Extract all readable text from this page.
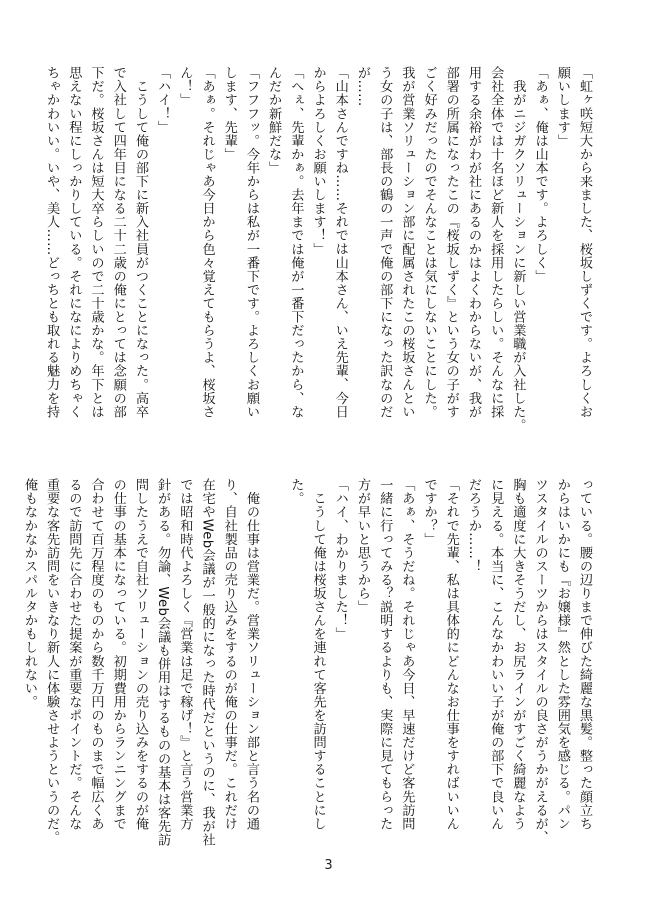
「虹ヶ咲短大から来ました、桜坂しずくです。よろしくお
願いします」
「あぁ、俺は山本です。よろしく」
　我がニジガクソリューションに新しい営業職が入社した。
会社全体では十名ほど新人を採用したらしい。そんなに採
用する余裕がわが社にあるのかはよくわからないが、我が
部署の所属になったこの『桜坂しずく』という女の子がす
ごく好みだったのでそんなことは気にしないことにした。
我が営業ソリューション部に配属されたこの桜坂さんとい
う女の子は、部長の鶴の一声で俺の部下になった訳なのだ
が……
「山本さんですね……それでは山本さん、いえ先輩、今日
からよろしくお願いします！」
「へぇ、先輩かぁ。去年までは俺が一番下だったから、な
んだか新鮮だな」
「フフフッ。今年からは私が一番下です。よろしくお願い
します、先輩」
「あぁ。それじゃあ今日から色々覚えてもらうよ、桜坂さ
ん！」
「ハイ！」
　こうして俺の部下に新入社員がつくことになった。高卒
で入社して四年目になる二十二歳の俺にとっては念願の部
下だ。桜坂さんは短大卒らしいので二十歳かな。年下とは
思えない程にしっかりしている。それになによりめちゃく
ちゃかわいい。いや、美人……どっちとも取れる魅力を持
っている。腰の辺りまで伸びた綺麗な黒髪。整った顔立ち
からはいかにも『お嬢様』然とした雰囲気を感じる。パン
ツスタイルのスーツからはスタイルの良さがうかがえるが、
胸も適度に大きそうだし、お尻ラインがすごく綺麗なよう
に見える。本当に、こんなかわいい子が俺の部下で良いん
だろうか……！
「それで先輩、私は具体的にどんなお仕事をすればいいん
ですか？」
「あぁ、そうだね。それじゃあ今日、早速だけど客先訪問
一緒に行ってみる？説明するよりも、実際に見てもらった
方が早いと思うから」
「ハイ、わかりました！」
　こうして俺は桜坂さんを連れて客先を訪問することにし
た。

　俺の仕事は営業だ。営業ソリューション部と言う名の通
り、自社製品の売り込みをするのが俺の仕事だ。これだけ
在宅やWeb会議が一般的になった時代だというのに、我が社
では昭和時代よろしく『営業は足で稼げ！』と言う営業方
針がある。勿論、Web会議も併用はするものの基本は客先訪
問したうえで自社ソリューションの売り込みをするのが俺
の仕事の基本になっている。初期費用からランニングまで
合わせて百万程度のものから数千万円のものまで幅広くあ
るので訪問先に合わせた提案が重要なポイントだ。そんな
重要な客先訪問をいきなり新人に体験させようというのだ。
俺もなかなかスパルタかもしれない。
3
